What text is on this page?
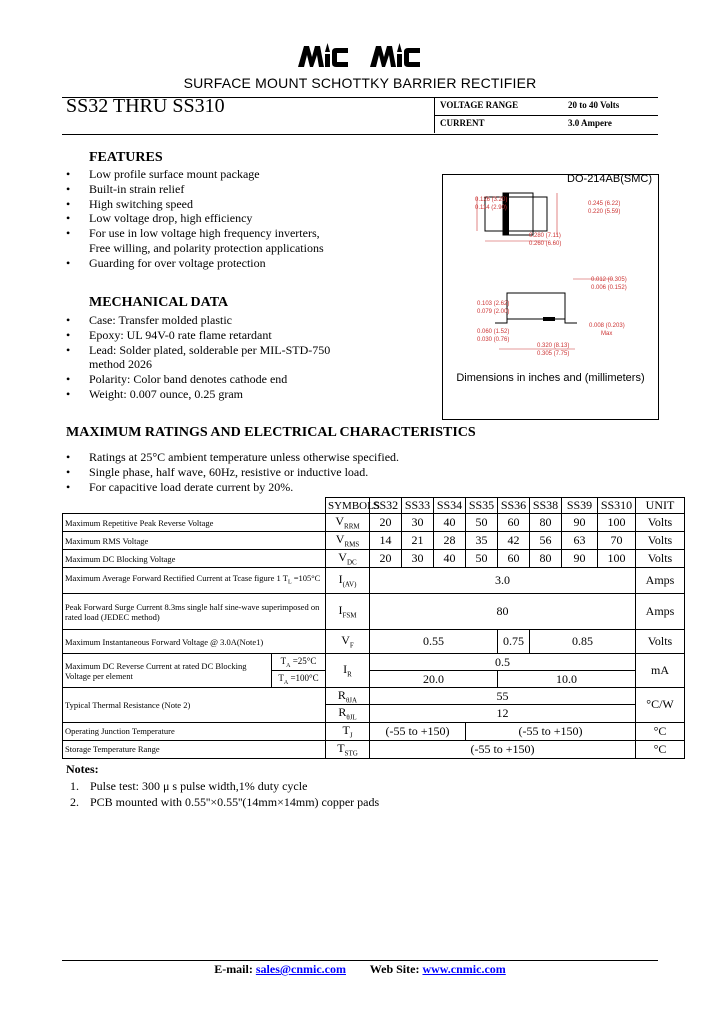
SURFACE MOUNT SCHOTTKY BARRIER RECTIFIER
SS32 THRU SS310	VOLTAGE RANGE	20 to 40 Volts
CURRENT	3.0 Ampere
FEATURES
• Low profile surface mount package
• Built-in strain relief
• High switching speed
• Low voltage drop, high efficiency
• For use in low voltage high frequency inverters,
Free willing, and polarity protection applications
• Guarding for over voltage protection
MECHANICAL DATA
• Case: Transfer molded plastic
• Epoxy: UL 94V-0 rate flame retardant
• Lead: Solder plated, solderable per MIL-STD-750
method 2026
• Polarity: Color band denotes cathode end
• Weight: 0.007 ounce, 0.25 gram
DO-214AB(SMC)
0.126 (3.20)
0.114 (2.90)
0.245 (6.22)
0.220 (5.59)
0.280 (7.11)
0.260 (6.60)
0.012 (0.305)
0.006 (0.152)
0.103 (2.62)
0.079 (2.00)
0.060 (1.52)
0.030 (0.76)
0.008 (0.203)
Max
0.320 (8.13)
0.305 (7.75)
Dimensions in inches and (millimeters)
MAXIMUM RATINGS AND ELECTRICAL CHARACTERISTICS
• Ratings at 25°C ambient temperature unless otherwise specified.
• Single phase, half wave, 60Hz, resistive or inductive load.
• For capacitive load derate current by 20%.
		SYMBOLS	SS32	SS33	SS34	SS35	SS36	SS38	SS39	SS310	UNIT
Maximum Repetitive Peak Reverse Voltage		$V_{RRM}$	20	30	40	50	60	80	90	100	Volts
Maximum RMS Voltage		$V_{RMS}$	14	21	28	35	42	56	63	70	Volts
Maximum DC Blocking Voltage		$V_{DC}$	20	30	40	50	60	80	90	100	Volts
Maximum Average Forward Rectified Current at Tcase figure 1 $T_L =105^\circ C$		$I_{(AV)}$	3.0								Amps
Peak Forward Surge Current 8.3ms single half sine-wave superimposed on rated load (JEDEC method)		$I_{FSM}$	80								Amps
Maximum Instantaneous Forward Voltage @ 3.0A(Note1)		$V_F$	0.55				0.75	0.85			Volts
Maximum DC Reverse Current at rated DC Blocking Voltage per element	$T_A =25^\circ C$	$I_R$	0.5								mA
	$T_A =100^\circ C$		20.0				10.0				
Typical Thermal Resistance (Note 2)		$R_{\theta JA}$	55								°C/W
		$R_{\theta JL}$	12								
Operating Junction Temperature		$T_J$	(-55 to +150)			(-55 to +150)					°C
Storage Temperature Range		$T_{STG}$	(-55 to +150)								°C
Notes:
1. Pulse test: 300 μ s pulse width,1% duty cycle
2. PCB mounted with 0.55''×0.55''(14mm×14mm) copper pads
E-mail: sales@cnmic.com Web Site: www.cnmic.com
